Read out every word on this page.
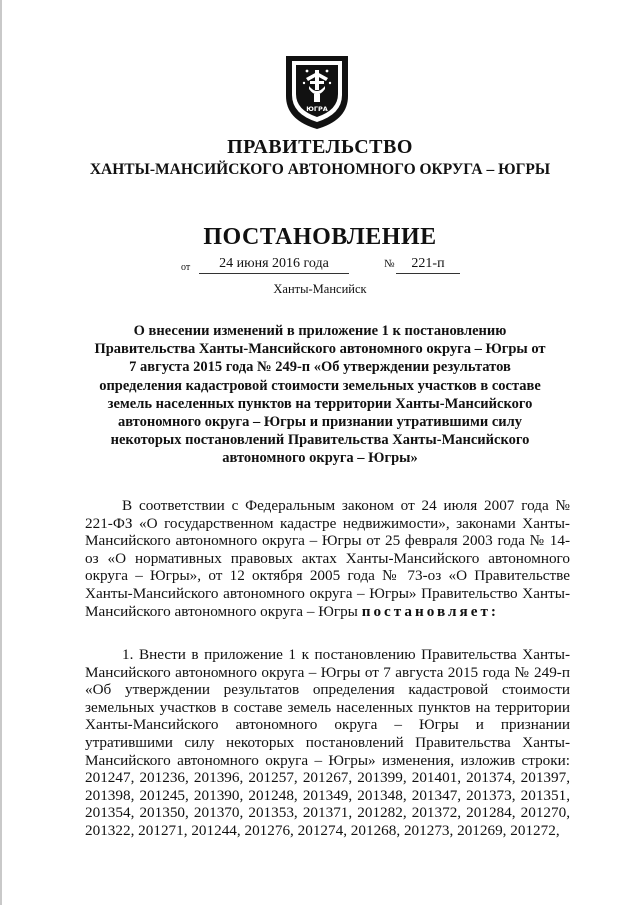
ЮГРА
ПРАВИТЕЛЬСТВО
ХАНТЫ-МАНСИЙСКОГО АВТОНОМНОГО ОКРУГА – ЮГРЫ
ПОСТАНОВЛЕНИЕ
от	24 июня 2016 года	№	221-п
Ханты-Мансийск

О внесении изменений в приложение 1 к постановлению Правительства Ханты-Мансийского автономного округа – Югры от 7 августа 2015 года № 249-п «Об утверждении результатов определения кадастровой стоимости земельных участков в составе земель населенных пунктов на территории Ханты-Мансийского автономного округа – Югры и признании утратившими силу некоторых постановлений Правительства Ханты-Мансийского автономного округа – Югры»

В соответствии с Федеральным законом от 24 июля 2007 года № 221-ФЗ «О государственном кадастре недвижимости», законами Ханты-Мансийского автономного округа – Югры от 25 февраля 2003 года № 14-оз «О нормативных правовых актах Ханты-Мансийского автономного округа – Югры», от 12 октября 2005 года № 73-оз «О Правительстве Ханты-Мансийского автономного округа – Югры» Правительство Ханты-Мансийского автономного округа – Югры постановляет:

1. Внести в приложение 1 к постановлению Правительства Ханты-Мансийского автономного округа – Югры от 7 августа 2015 года № 249-п «Об утверждении результатов определения кадастровой стоимости земельных участков в составе земель населенных пунктов на территории Ханты-Мансийского автономного округа – Югры и признании утратившими силу некоторых постановлений Правительства Ханты-Мансийского автономного округа – Югры» изменения, изложив строки: 201247, 201236, 201396, 201257, 201267, 201399, 201401, 201374, 201397, 201398, 201245, 201390, 201248, 201349, 201348, 201347, 201373, 201351, 201354, 201350, 201370, 201353, 201371, 201282, 201372, 201284, 201270, 201322, 201271, 201244, 201276, 201274, 201268, 201273, 201269, 201272,
